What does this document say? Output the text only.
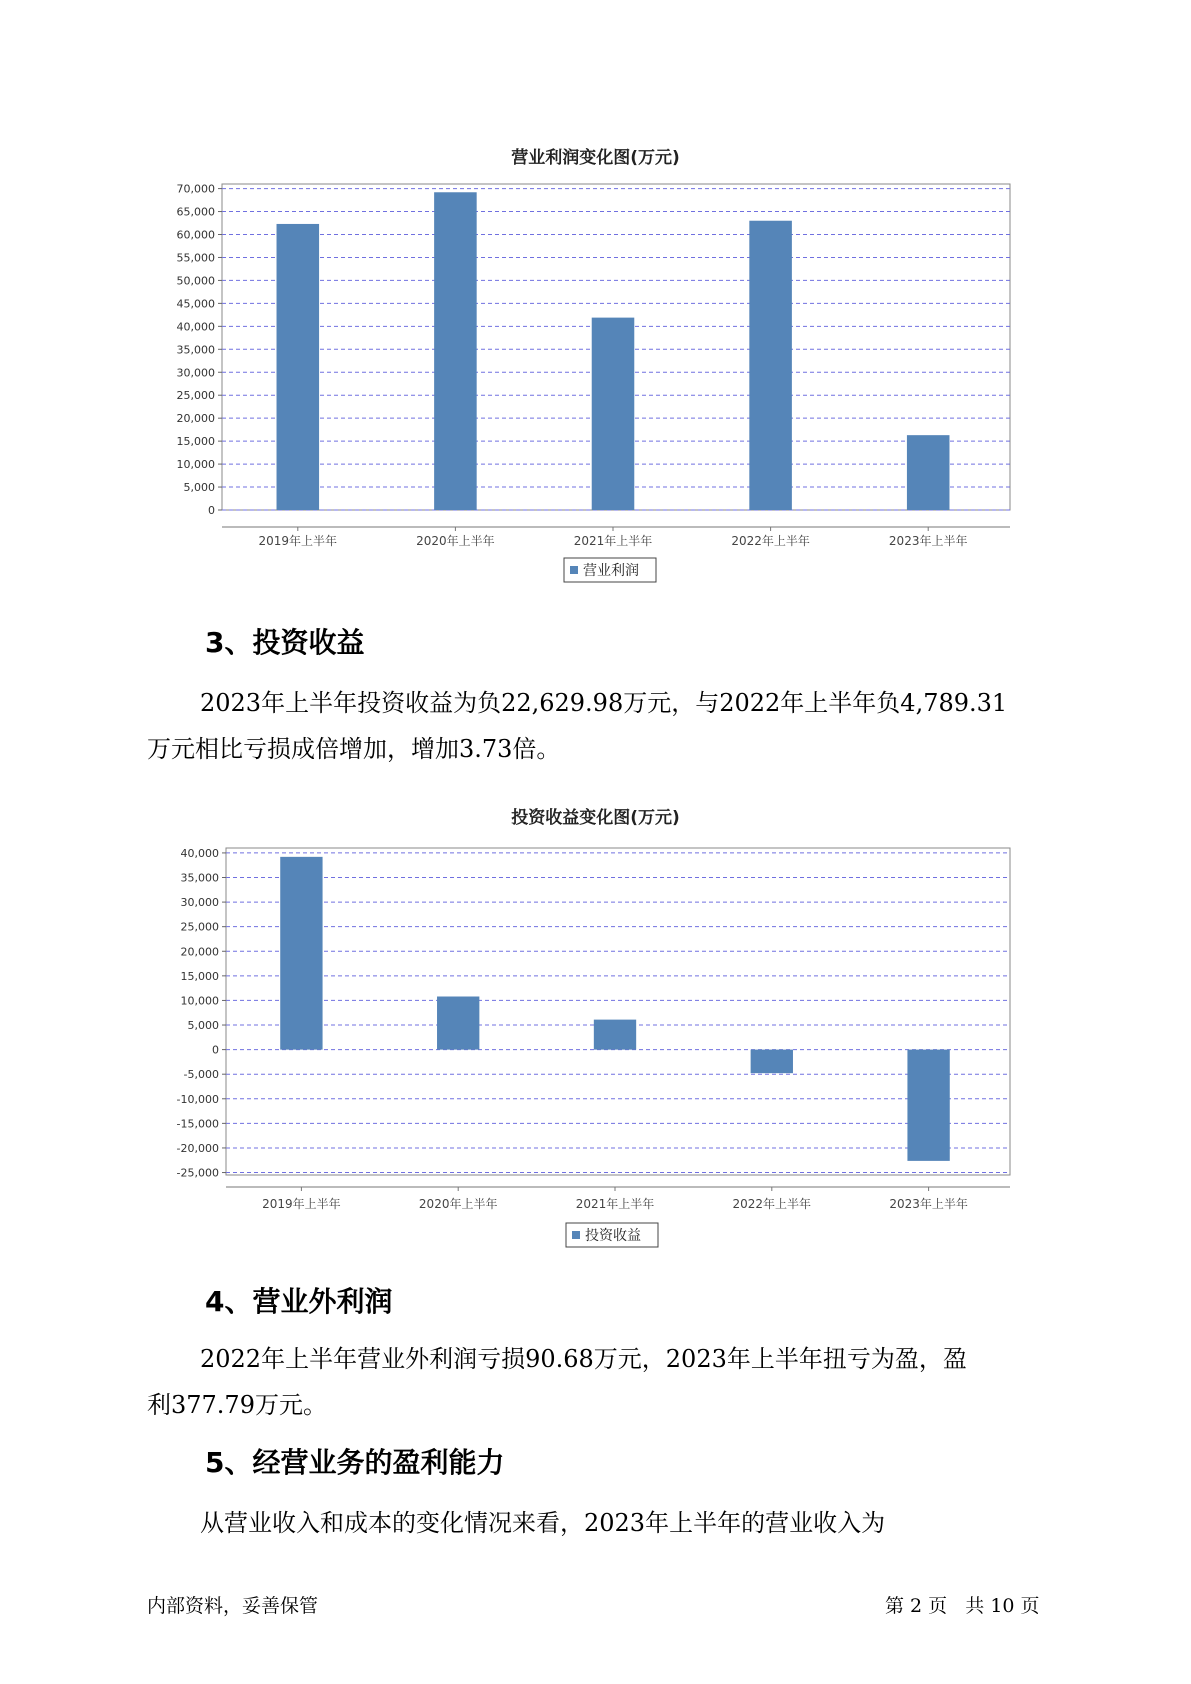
营业利润变化图(万元)
0
5,000
10,000
15,000
20,000
25,000
30,000
35,000
40,000
45,000
50,000
55,000
60,000
65,000
70,000
2019年上半年	2020年上半年	2021年上半年	2022年上半年	2023年上半年
营业利润
3、投资收益

2023年上半年投资收益为负22,629.98万元，与2022年上半年负4,789.31

万元相比亏损成倍增加，增加3.73倍。

投资收益变化图(万元)
-25,000
-20,000
-15,000
-10,000
-5,000
0
5,000
10,000
15,000
20,000
25,000
30,000
35,000
40,000
2019年上半年	2020年上半年	2021年上半年	2022年上半年	2023年上半年
投资收益
4、营业外利润

2022年上半年营业外利润亏损90.68万元，2023年上半年扭亏为盈，盈

利377.79万元。

5、经营业务的盈利能力

从营业收入和成本的变化情况来看，2023年上半年的营业收入为

内部资料，妥善保管	第 2 页   共 10 页
